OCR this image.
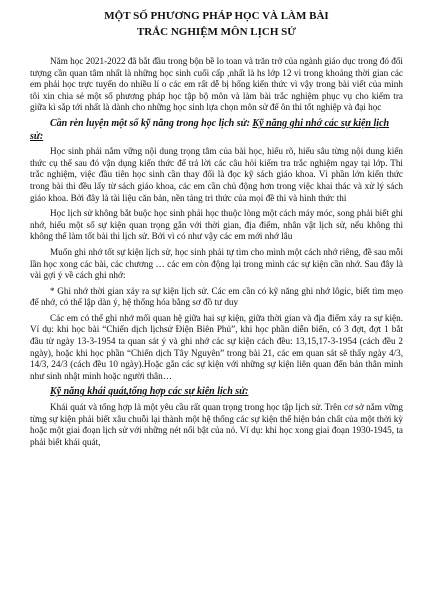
MỘT SỐ PHƯƠNG PHÁP HỌC VÀ LÀM BÀI

TRẮC NGHIỆM MÔN LỊCH SỬ

Năm học 2021-2022 đã bắt đầu trong bộn bề lo toan và trăn trở của ngành giáo dục trong đó đối tượng cần quan tâm nhất là những học sinh cuối cấp ,nhất là hs lớp 12 vì trong khoảng thời gian các em phải học trực tuyến do nhiều lí o các em rất dễ bị hổng kiến thức vì vậy trong bài viết của mình tôi xin chia sẻ một số phương pháp học tập bộ môn và làm bài trắc nghiệm phục vụ cho kiểm tra giữa kì sắp tới nhất là dành cho những học sinh lựa chọn môn sử để ôn thi tốt nghiệp và đại học

Cần rèn luyện một số kỹ năng trong học lịch sử: Kỹ năng ghi nhớ các sự kiện lịch sử:

Học sinh phải nắm vững nội dung trọng tâm của bài học, hiểu rõ, hiểu sâu từng nội dung kiến thức cụ thể sau đó vận dụng kiến thức để trả lời các câu hỏi kiểm tra trắc nghiệm ngay tại lớp. Thi trắc nghiệm, việc đầu tiên học sinh cần thay đổi là đọc kỹ sách giáo khoa. Vì phần lớn kiến thức trong bài thi đều lấy từ sách giáo khoa, các em cần chủ động hơn trong việc khai thác và xử lý sách giáo khoa. Bởi đây là tài liệu căn bản, nền tảng tri thức của mọi đề thi và hình thức thi

Học lịch sử không bắt buộc học sinh phải học thuộc lòng một cách máy móc, song phải biết ghi nhớ, hiểu một số sự kiện quan trọng gắn với thời gian, địa điểm, nhân vật lịch sử, nếu không thì không thể làm tốt bài thi lịch sử. Bởi vì có như vậy các em mới nhớ lâu

Muốn ghi nhớ tốt sự kiện lịch sử, học sinh phải tự tìm cho mình một cách nhớ riêng, đề sau mỗi lần học xong các bài, các chương … các em còn động lại trong mình các sự kiện cần nhớ. Sau đây là vài gợi ý về cách ghi nhớ:

* Ghi nhớ thời gian xảy ra sự kiện lịch sử. Các em cần có kỹ năng ghi nhớ lôgic, biết tìm mẹo để nhớ, có thể lập dàn ý, hệ thống hóa bằng sơ đồ tư duy

Các em có thể ghi nhớ mối quan hệ giữa hai sự kiện, giữa thời gian và địa điểm xảy ra sự kiện. Ví dụ: khi học bài “Chiến dịch lịchsử Điện Biên Phủ”, khi học phần diễn biến, có 3 đợt, đợt 1 bắt đầu từ ngày 13-3-1954 ta quan sát ý và ghi nhớ các sự kiện cách đều: 13,15,17-3-1954 (cách đều 2 ngày), hoặc khi học phần “Chiến dịch Tây Nguyên” trong bài 21, các em quan sát sẽ thấy ngày 4/3, 14/3, 24/3 (cách đều 10 ngày).Hoặc gắn các sự kiện với những sự kiện liên quan đến bản thân mình như sinh nhật mình hoặc người thân…

Kỹ năng khái quát,tổng hợp các sự kiện lịch sử:

Khái quát và tổng hợp là một yêu cầu rất quan trọng trong học tập lịch sử. Trên cơ sở nắm vững từng sự kiện phải biết xâu chuỗi lại thành một hệ thống các sự kiện thể hiện bản chất của một thời kỳ hoặc một giai đoạn lịch sử với những nét nổi bật của nó. Ví dụ: khi học xong giai đoạn 1930-1945, ta phải biết khái quát,
